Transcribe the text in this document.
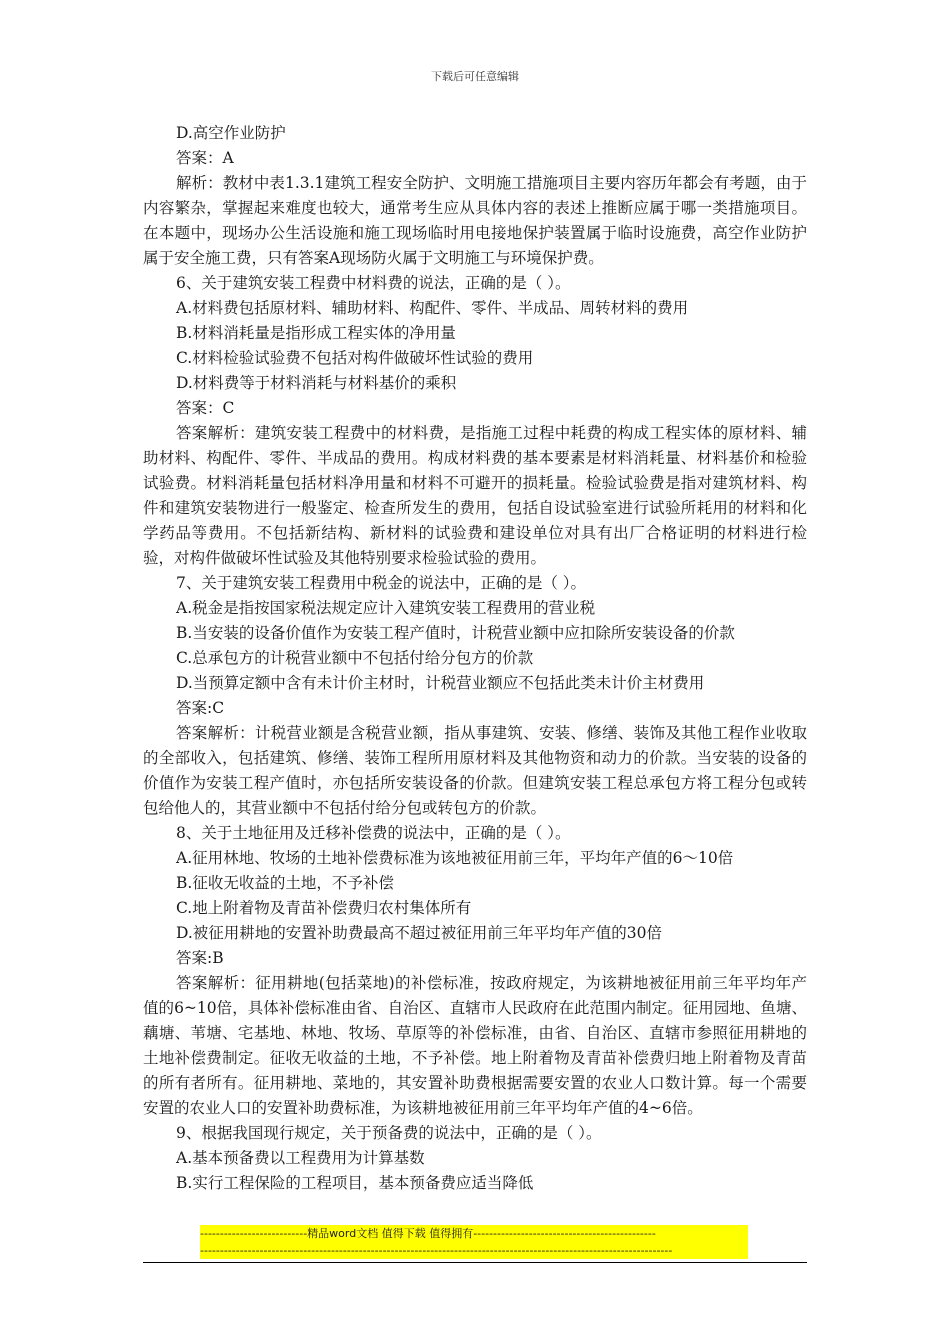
下载后可任意编辑

D.高空作业防护

答案：A

解析：教材中表1.3.1建筑工程安全防护、文明施工措施项目主要内容历年都会有考题，由于内容繁杂，掌握起来难度也较大，通常考生应从具体内容的表述上推断应属于哪一类措施项目。在本题中，现场办公生活设施和施工现场临时用电接地保护装置属于临时设施费，高空作业防护属于安全施工费，只有答案A现场防火属于文明施工与环境保护费。

6、关于建筑安装工程费中材料费的说法，正确的是（ ）。

A.材料费包括原材料、辅助材料、构配件、零件、半成品、周转材料的费用

B.材料消耗量是指形成工程实体的净用量

C.材料检验试验费不包括对构件做破坏性试验的费用

D.材料费等于材料消耗与材料基价的乘积

答案：C

答案解析：建筑安装工程费中的材料费，是指施工过程中耗费的构成工程实体的原材料、辅助材料、构配件、零件、半成品的费用。构成材料费的基本要素是材料消耗量、材料基价和检验试验费。材料消耗量包括材料净用量和材料不可避开的损耗量。检验试验费是指对建筑材料、构件和建筑安装物进行一般鉴定、检查所发生的费用，包括自设试验室进行试验所耗用的材料和化学药品等费用。不包括新结构、新材料的试验费和建设单位对具有出厂合格证明的材料进行检验，对构件做破坏性试验及其他特别要求检验试验的费用。

7、关于建筑安装工程费用中税金的说法中，正确的是（ ）。

A.税金是指按国家税法规定应计入建筑安装工程费用的营业税

B.当安装的设备价值作为安装工程产值时，计税营业额中应扣除所安装设备的价款

C.总承包方的计税营业额中不包括付给分包方的价款

D.当预算定额中含有未计价主材时，计税营业额应不包括此类未计价主材费用

答案:C

答案解析：计税营业额是含税营业额，指从事建筑、安装、修缮、装饰及其他工程作业收取的全部收入，包括建筑、修缮、装饰工程所用原材料及其他物资和动力的价款。当安装的设备的价值作为安装工程产值时，亦包括所安装设备的价款。但建筑安装工程总承包方将工程分包或转包给他人的，其营业额中不包括付给分包或转包方的价款。

8、关于土地征用及迁移补偿费的说法中，正确的是（ ）。

A.征用林地、牧场的土地补偿费标准为该地被征用前三年，平均年产值的6～10倍

B.征收无收益的土地，不予补偿

C.地上附着物及青苗补偿费归农村集体所有

D.被征用耕地的安置补助费最高不超过被征用前三年平均年产值的30倍

答案:B

答案解析：征用耕地(包括菜地)的补偿标准，按政府规定，为该耕地被征用前三年平均年产值的6~10倍，具体补偿标准由省、自治区、直辖市人民政府在此范围内制定。征用园地、鱼塘、藕塘、苇塘、宅基地、林地、牧场、草原等的补偿标准，由省、自治区、直辖市参照征用耕地的土地补偿费制定。征收无收益的土地，不予补偿。地上附着物及青苗补偿费归地上附着物及青苗的所有者所有。征用耕地、菜地的，其安置补助费根据需要安置的农业人口数计算。每一个需要安置的农业人口的安置补助费标准，为该耕地被征用前三年平均年产值的4~6倍。

9、根据我国现行规定，关于预备费的说法中，正确的是（ ）。

A.基本预备费以工程费用为计算基数

B.实行工程保险的工程项目，基本预备费应适当降低

---------------------------精品word文档 值得下载 值得拥有----------------------------------------------
-----------------------------------------------------------------------------------------------------------------------
